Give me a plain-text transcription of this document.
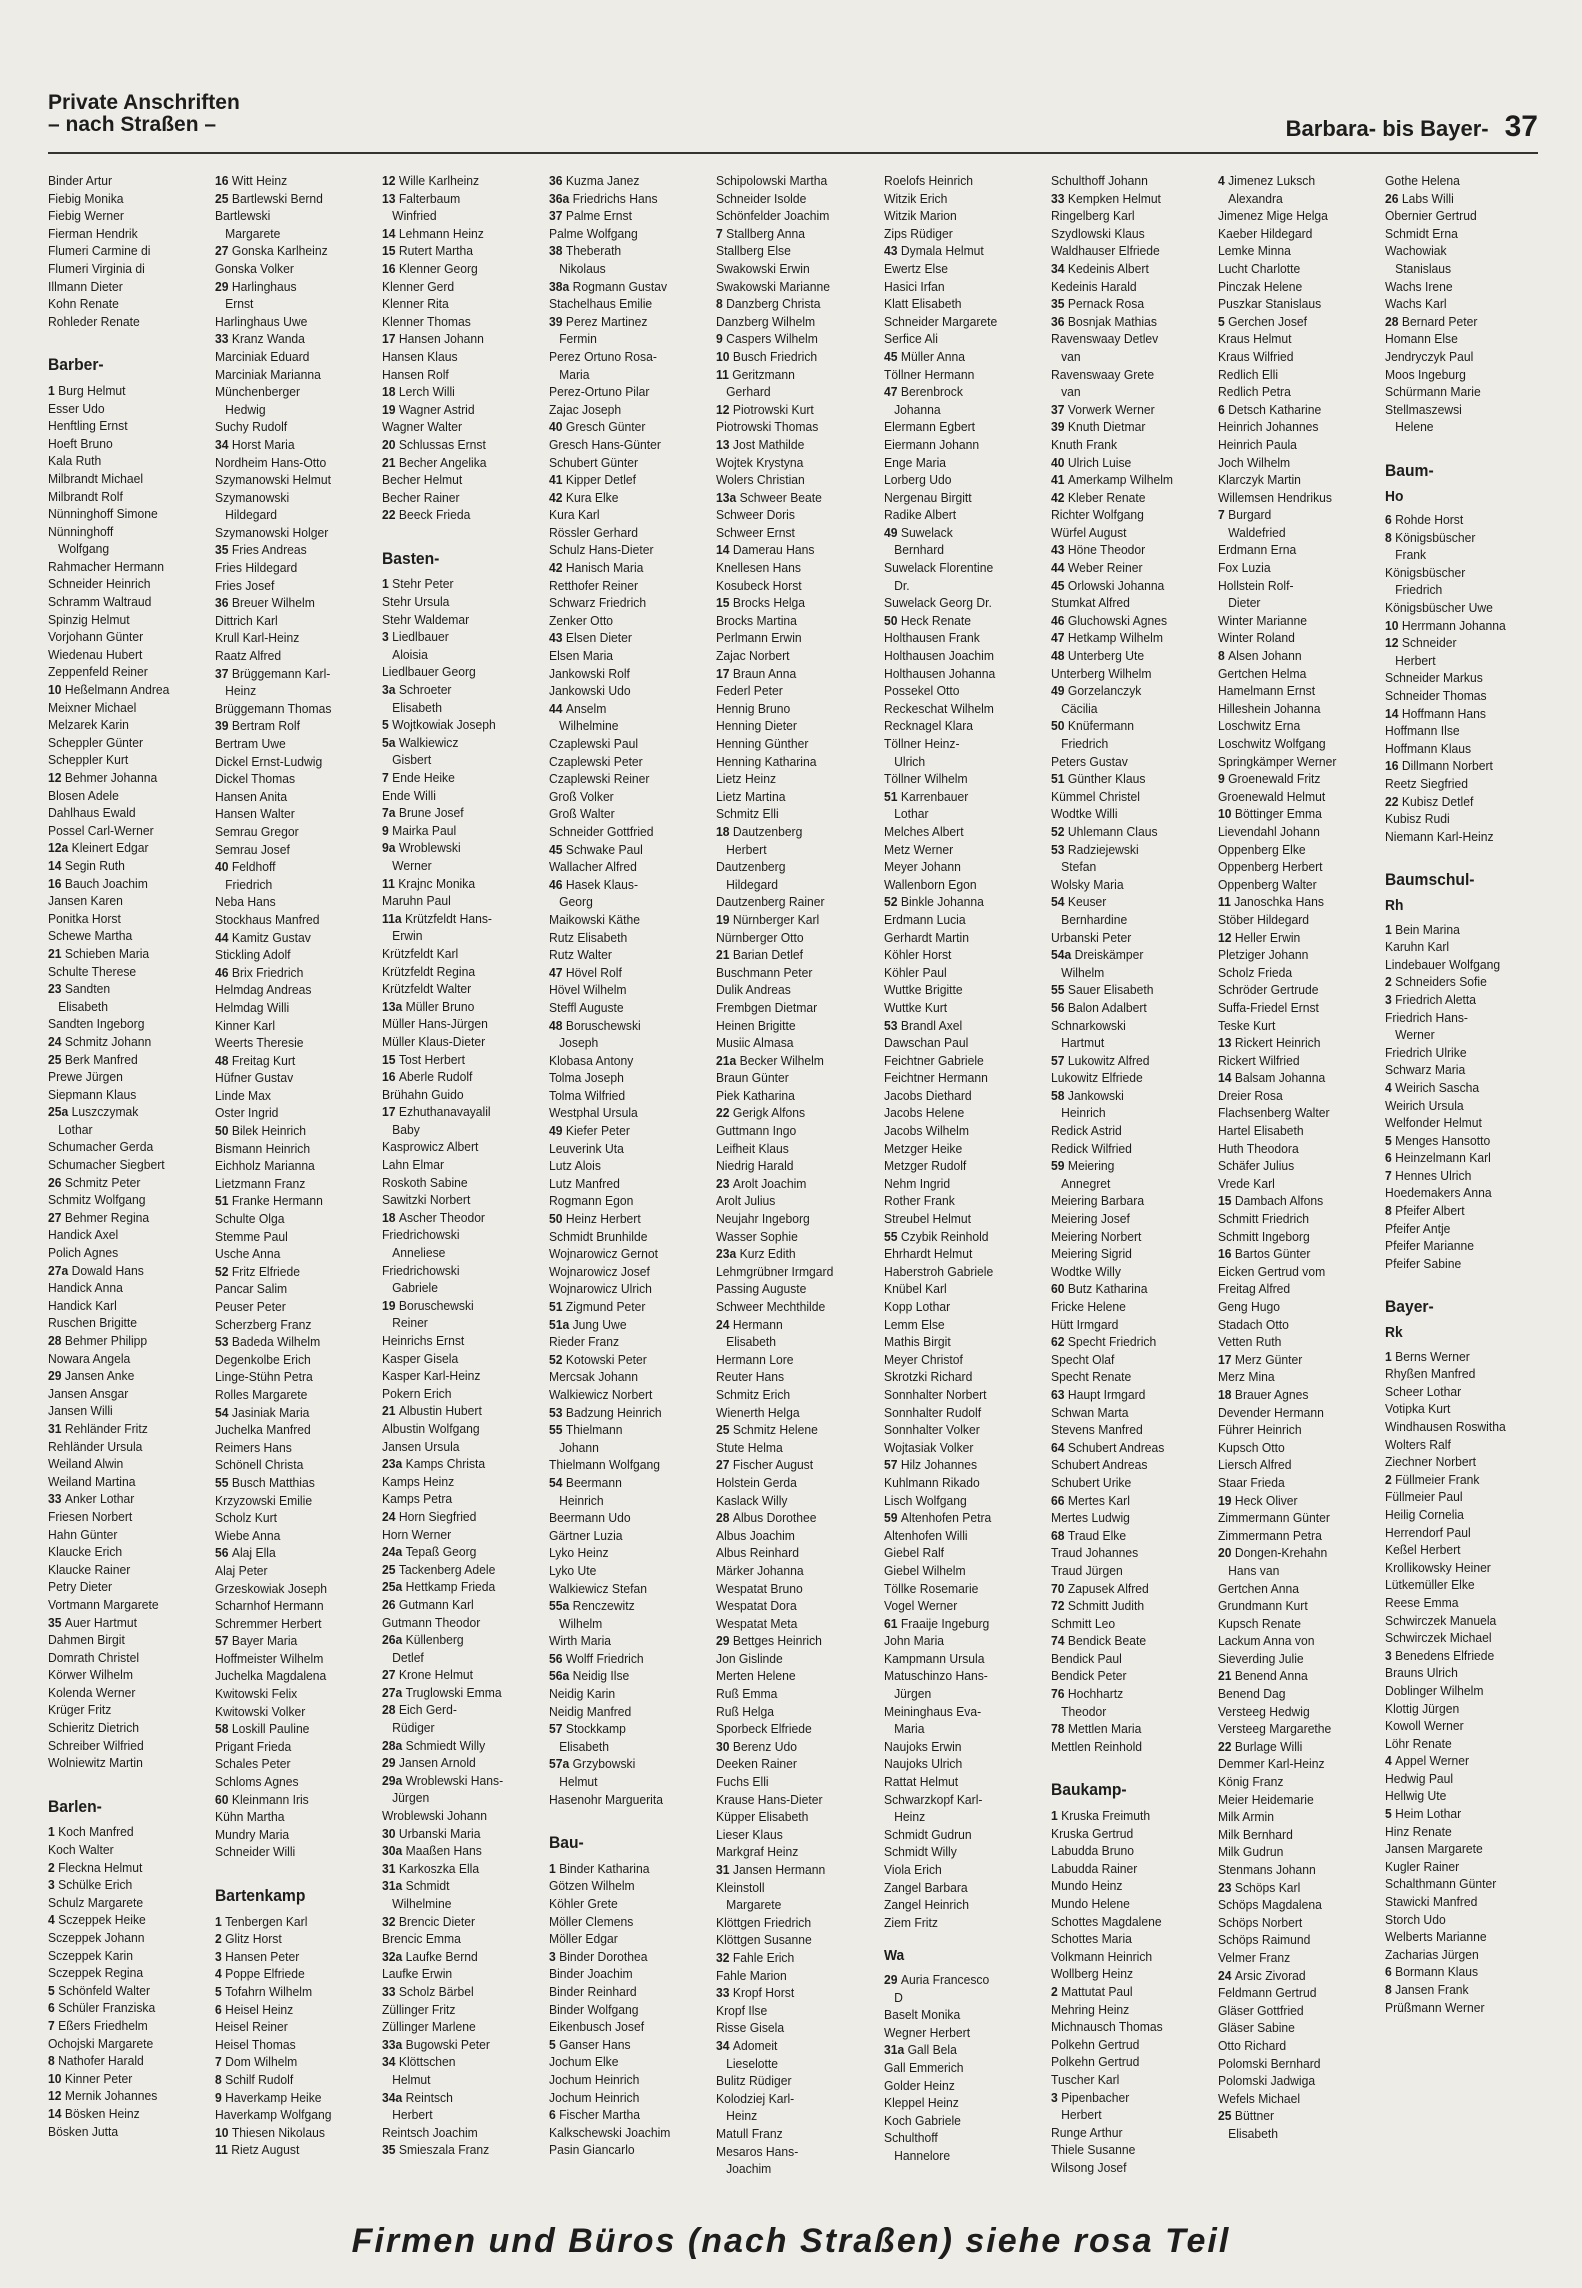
Private Anschriften
– nach Straßen –	Barbara- bis Bayer- 37
Binder Artur
Fiebig Monika
Fiebig Werner
Fierman Hendrik
Flumeri Carmine di
Flumeri Virginia di
Illmann Dieter
Kohn Renate
Rohleder Renate
Barber-
1 Burg Helmut
Esser Udo
Henftling Ernst
Hoeft Bruno
Kala Ruth
Milbrandt Michael
Milbrandt Rolf
Nünninghoff Simone
Nünninghoff
Wolfgang
Rahmacher Hermann
Schneider Heinrich
Schramm Waltraud
Spinzig Helmut
Vorjohann Günter
Wiedenau Hubert
Zeppenfeld Reiner
10 Heßelmann Andrea
Meixner Michael
Melzarek Karin
Scheppler Günter
Scheppler Kurt
12 Behmer Johanna
Blosen Adele
Dahlhaus Ewald
Possel Carl-Werner
12a Kleinert Edgar
14 Segin Ruth
16 Bauch Joachim
Jansen Karen
Ponitka Horst
Schewe Martha
21 Schieben Maria
Schulte Therese
23 Sandten
Elisabeth
Sandten Ingeborg
24 Schmitz Johann
25 Berk Manfred
Prewe Jürgen
Siepmann Klaus
25a Luszczymak
Lothar
Schumacher Gerda
Schumacher Siegbert
26 Schmitz Peter
Schmitz Wolfgang
27 Behmer Regina
Handick Axel
Polich Agnes
27a Dowald Hans
Handick Anna
Handick Karl
Ruschen Brigitte
28 Behmer Philipp
Nowara Angela
29 Jansen Anke
Jansen Ansgar
Jansen Willi
31 Rehländer Fritz
Rehländer Ursula
Weiland Alwin
Weiland Martina
33 Anker Lothar
Friesen Norbert
Hahn Günter
Klaucke Erich
Klaucke Rainer
Petry Dieter
Vortmann Margarete
35 Auer Hartmut
Dahmen Birgit
Domrath Christel
Körwer Wilhelm
Kolenda Werner
Krüger Fritz
Schieritz Dietrich
Schreiber Wilfried
Wolniewitz Martin
Barlen-
1 Koch Manfred
Koch Walter
2 Fleckna Helmut
3 Schülke Erich
Schulz Margarete
4 Sczeppek Heike
Sczeppek Johann
Sczeppek Karin
Sczeppek Regina
5 Schönfeld Walter
6 Schüler Franziska
7 Eßers Friedhelm
Ochojski Margarete
8 Nathofer Harald
10 Kinner Peter
12 Mernik Johannes
14 Bösken Heinz
Bösken Jutta
16 Witt Heinz
25 Bartlewski Bernd
Bartlewski
Margarete
27 Gonska Karlheinz
Gonska Volker
29 Harlinghaus
Ernst
Harlinghaus Uwe
33 Kranz Wanda
Marciniak Eduard
Marciniak Marianna
Münchenberger
Hedwig
Suchy Rudolf
34 Horst Maria
Nordheim Hans-Otto
Szymanowski Helmut
Szymanowski
Hildegard
Szymanowski Holger
35 Fries Andreas
Fries Hildegard
Fries Josef
36 Breuer Wilhelm
Dittrich Karl
Krull Karl-Heinz
Raatz Alfred
37 Brüggemann Karl-
Heinz
Brüggemann Thomas
39 Bertram Rolf
Bertram Uwe
Dickel Ernst-Ludwig
Dickel Thomas
Hansen Anita
Hansen Walter
Semrau Gregor
Semrau Josef
40 Feldhoff
Friedrich
Neba Hans
Stockhaus Manfred
44 Kamitz Gustav
Stickling Adolf
46 Brix Friedrich
Helmdag Andreas
Helmdag Willi
Kinner Karl
Weerts Theresie
48 Freitag Kurt
Hüfner Gustav
Linde Max
Oster Ingrid
50 Bilek Heinrich
Bismann Heinrich
Eichholz Marianna
Lietzmann Franz
51 Franke Hermann
Schulte Olga
Stemme Paul
Usche Anna
52 Fritz Elfriede
Pancar Salim
Peuser Peter
Scherzberg Franz
53 Badeda Wilhelm
Degenkolbe Erich
Linge-Stühn Petra
Rolles Margarete
54 Jasiniak Maria
Juchelka Manfred
Reimers Hans
Schönell Christa
55 Busch Matthias
Krzyzowski Emilie
Scholz Kurt
Wiebe Anna
56 Alaj Ella
Alaj Peter
Grzeskowiak Joseph
Scharnhof Hermann
Schremmer Herbert
57 Bayer Maria
Hoffmeister Wilhelm
Juchelka Magdalena
Kwitowski Felix
Kwitowski Volker
58 Loskill Pauline
Prigant Frieda
Schales Peter
Schloms Agnes
60 Kleinmann Iris
Kühn Martha
Mundry Maria
Schneider Willi
Bartenkamp
1 Tenbergen Karl
2 Glitz Horst
3 Hansen Peter
4 Poppe Elfriede
5 Tofahrn Wilhelm
6 Heisel Heinz
Heisel Reiner
Heisel Thomas
7 Dom Wilhelm
8 Schilf Rudolf
9 Haverkamp Heike
Haverkamp Wolfgang
10 Thiesen Nikolaus
11 Rietz August
12 Wille Karlheinz
13 Falterbaum
Winfried
14 Lehmann Heinz
15 Rutert Martha
16 Klenner Georg
Klenner Gerd
Klenner Rita
Klenner Thomas
17 Hansen Johann
Hansen Klaus
Hansen Rolf
18 Lerch Willi
19 Wagner Astrid
Wagner Walter
20 Schlussas Ernst
21 Becher Angelika
Becher Helmut
Becher Rainer
22 Beeck Frieda
Basten-
1 Stehr Peter
Stehr Ursula
Stehr Waldemar
3 Liedlbauer
Aloisia
Liedlbauer Georg
3a Schroeter
Elisabeth
5 Wojtkowiak Joseph
5a Walkiewicz
Gisbert
7 Ende Heike
Ende Willi
7a Brune Josef
9 Mairka Paul
9a Wroblewski
Werner
11 Krajnc Monika
Maruhn Paul
11a Krützfeldt Hans-
Erwin
Krützfeldt Karl
Krützfeldt Regina
Krützfeldt Walter
13a Müller Bruno
Müller Hans-Jürgen
Müller Klaus-Dieter
15 Tost Herbert
16 Aberle Rudolf
Brühahn Guido
17 Ezhuthanavayalil
Baby
Kasprowicz Albert
Lahn Elmar
Roskoth Sabine
Sawitzki Norbert
18 Ascher Theodor
Friedrichowski
Anneliese
Friedrichowski
Gabriele
19 Boruschewski
Reiner
Heinrichs Ernst
Kasper Gisela
Kasper Karl-Heinz
Pokern Erich
21 Albustin Hubert
Albustin Wolfgang
Jansen Ursula
23a Kamps Christa
Kamps Heinz
Kamps Petra
24 Horn Siegfried
Horn Werner
24a Tepaß Georg
25 Tackenberg Adele
25a Hettkamp Frieda
26 Gutmann Karl
Gutmann Theodor
26a Küllenberg
Detlef
27 Krone Helmut
27a Truglowski Emma
28 Eich Gerd-
Rüdiger
28a Schmiedt Willy
29 Jansen Arnold
29a Wroblewski Hans-
Jürgen
Wroblewski Johann
30 Urbanski Maria
30a Maaßen Hans
31 Karkoszka Ella
31a Schmidt
Wilhelmine
32 Brencic Dieter
Brencic Emma
32a Laufke Bernd
Laufke Erwin
33 Scholz Bärbel
Züllinger Fritz
Züllinger Marlene
33a Bugowski Peter
34 Klöttschen
Helmut
34a Reintsch
Herbert
Reintsch Joachim
35 Smieszala Franz
36 Kuzma Janez
36a Friedrichs Hans
37 Palme Ernst
Palme Wolfgang
38 Theberath
Nikolaus
38a Rogmann Gustav
Stachelhaus Emilie
39 Perez Martinez
Fermin
Perez Ortuno Rosa-
Maria
Perez-Ortuno Pilar
Zajac Joseph
40 Gresch Günter
Gresch Hans-Günter
Schubert Günter
41 Kipper Detlef
42 Kura Elke
Kura Karl
Rössler Gerhard
Schulz Hans-Dieter
42 Hanisch Maria
Retthofer Reiner
Schwarz Friedrich
Zenker Otto
43 Elsen Dieter
Elsen Maria
Jankowski Rolf
Jankowski Udo
44 Anselm
Wilhelmine
Czaplewski Paul
Czaplewski Peter
Czaplewski Reiner
Groß Volker
Groß Walter
Schneider Gottfried
45 Schwake Paul
Wallacher Alfred
46 Hasek Klaus-
Georg
Maikowski Käthe
Rutz Elisabeth
Rutz Walter
47 Hövel Rolf
Hövel Wilhelm
Steffl Auguste
48 Boruschewski
Joseph
Klobasa Antony
Tolma Joseph
Tolma Wilfried
Westphal Ursula
49 Kiefer Peter
Leuverink Uta
Lutz Alois
Lutz Manfred
Rogmann Egon
50 Heinz Herbert
Schmidt Brunhilde
Wojnarowicz Gernot
Wojnarowicz Josef
Wojnarowicz Ulrich
51 Zigmund Peter
51a Jung Uwe
Rieder Franz
52 Kotowski Peter
Mercsak Johann
Walkiewicz Norbert
53 Badzung Heinrich
55 Thielmann
Johann
Thielmann Wolfgang
54 Beermann
Heinrich
Beermann Udo
Gärtner Luzia
Lyko Heinz
Lyko Ute
Walkiewicz Stefan
55a Renczewitz
Wilhelm
Wirth Maria
56 Wolff Friedrich
56a Neidig Ilse
Neidig Karin
Neidig Manfred
57 Stockkamp
Elisabeth
57a Grzybowski
Helmut
Hasenohr Marguerita
Bau-
1 Binder Katharina
Götzen Wilhelm
Köhler Grete
Möller Clemens
Möller Edgar
3 Binder Dorothea
Binder Joachim
Binder Reinhard
Binder Wolfgang
Eikenbusch Josef
5 Ganser Hans
Jochum Elke
Jochum Heinrich
Jochum Heinrich
6 Fischer Martha
Kalkschewski Joachim
Pasin Giancarlo
Schipolowski Martha
Schneider Isolde
Schönfelder Joachim
7 Stallberg Anna
Stallberg Else
Swakowski Erwin
Swakowski Marianne
8 Danzberg Christa
Danzberg Wilhelm
9 Caspers Wilhelm
10 Busch Friedrich
11 Geritzmann
Gerhard
12 Piotrowski Kurt
Piotrowski Thomas
13 Jost Mathilde
Wojtek Krystyna
Wolers Christian
13a Schweer Beate
Schweer Doris
Schweer Ernst
14 Damerau Hans
Knellesen Hans
Kosubeck Horst
15 Brocks Helga
Brocks Martina
Perlmann Erwin
Zajac Norbert
17 Braun Anna
Federl Peter
Hennig Bruno
Henning Dieter
Henning Günther
Henning Katharina
Lietz Heinz
Lietz Martina
Schmitz Elli
18 Dautzenberg
Herbert
Dautzenberg
Hildegard
Dautzenberg Rainer
19 Nürnberger Karl
Nürnberger Otto
21 Barian Detlef
Buschmann Peter
Dulik Andreas
Frembgen Dietmar
Heinen Brigitte
Musiic Almasa
21a Becker Wilhelm
Braun Günter
Piek Katharina
22 Gerigk Alfons
Guttmann Ingo
Leifheit Klaus
Niedrig Harald
23 Arolt Joachim
Arolt Julius
Neujahr Ingeborg
Wasser Sophie
23a Kurz Edith
Lehmgrübner Irmgard
Passing Auguste
Schweer Mechthilde
24 Hermann
Elisabeth
Hermann Lore
Reuter Hans
Schmitz Erich
Wienerth Helga
25 Schmitz Helene
Stute Helma
27 Fischer August
Holstein Gerda
Kaslack Willy
28 Albus Dorothee
Albus Joachim
Albus Reinhard
Märker Johanna
Wespatat Bruno
Wespatat Dora
Wespatat Meta
29 Bettges Heinrich
Jon Gislinde
Merten Helene
Ruß Emma
Ruß Helga
Sporbeck Elfriede
30 Berenz Udo
Deeken Rainer
Fuchs Elli
Krause Hans-Dieter
Küpper Elisabeth
Lieser Klaus
Markgraf Heinz
31 Jansen Hermann
Kleinstoll
Margarete
Klöttgen Friedrich
Klöttgen Susanne
32 Fahle Erich
Fahle Marion
33 Kropf Horst
Kropf Ilse
Risse Gisela
34 Adomeit
Lieselotte
Bulitz Rüdiger
Kolodziej Karl-
Heinz
Matull Franz
Mesaros Hans-
Joachim
Roelofs Heinrich
Witzik Erich
Witzik Marion
Zips Rüdiger
43 Dymala Helmut
Ewertz Else
Hasici Irfan
Klatt Elisabeth
Schneider Margarete
Serfice Ali
45 Müller Anna
Töllner Hermann
47 Berenbrock
Johanna
Elermann Egbert
Eiermann Johann
Enge Maria
Lorberg Udo
Nergenau Birgitt
Radike Albert
49 Suwelack
Bernhard
Suwelack Florentine
Dr.
Suwelack Georg Dr.
50 Heck Renate
Holthausen Frank
Holthausen Joachim
Holthausen Johanna
Possekel Otto
Reckeschat Wilhelm
Recknagel Klara
Töllner Heinz-
Ulrich
Töllner Wilhelm
51 Karrenbauer
Lothar
Melches Albert
Metz Werner
Meyer Johann
Wallenborn Egon
52 Binkle Johanna
Erdmann Lucia
Gerhardt Martin
Köhler Horst
Köhler Paul
Wuttke Brigitte
Wuttke Kurt
53 Brandl Axel
Dawschan Paul
Feichtner Gabriele
Feichtner Hermann
Jacobs Diethard
Jacobs Helene
Jacobs Wilhelm
Metzger Heike
Metzger Rudolf
Nehm Ingrid
Rother Frank
Streubel Helmut
55 Czybik Reinhold
Ehrhardt Helmut
Haberstroh Gabriele
Knübel Karl
Kopp Lothar
Lemm Else
Mathis Birgit
Meyer Christof
Skrotzki Richard
Sonnhalter Norbert
Sonnhalter Rudolf
Sonnhalter Volker
Wojtasiak Volker
57 Hilz Johannes
Kuhlmann Rikado
Lisch Wolfgang
59 Altenhofen Petra
Altenhofen Willi
Giebel Ralf
Giebel Wilhelm
Töllke Rosemarie
Vogel Werner
61 Fraaije Ingeburg
John Maria
Kampmann Ursula
Matuschinzo Hans-
Jürgen
Meininghaus Eva-
Maria
Naujoks Erwin
Naujoks Ulrich
Rattat Helmut
Schwarzkopf Karl-
Heinz
Schmidt Gudrun
Schmidt Willy
Viola Erich
Zangel Barbara
Zangel Heinrich
Ziem Fritz
Wa
29 Auria Francesco
D
Baselt Monika
Wegner Herbert
31a Gall Bela
Gall Emmerich
Golder Heinz
Kleppel Heinz
Koch Gabriele
Schulthoff
Hannelore
Schulthoff Johann
33 Kempken Helmut
Ringelberg Karl
Szydlowski Klaus
Waldhauser Elfriede
34 Kedeinis Albert
Kedeinis Harald
35 Pernack Rosa
36 Bosnjak Mathias
Ravenswaay Detlev
van
Ravenswaay Grete
van
37 Vorwerk Werner
39 Knuth Dietmar
Knuth Frank
40 Ulrich Luise
41 Amerkamp Wilhelm
42 Kleber Renate
Richter Wolfgang
Würfel August
43 Höne Theodor
44 Weber Reiner
45 Orlowski Johanna
Stumkat Alfred
46 Gluchowski Agnes
47 Hetkamp Wilhelm
48 Unterberg Ute
Unterberg Wilhelm
49 Gorzelanczyk
Cäcilia
50 Knüfermann
Friedrich
Peters Gustav
51 Günther Klaus
Kümmel Christel
Wodtke Willi
52 Uhlemann Claus
53 Radziejewski
Stefan
Wolsky Maria
54 Keuser
Bernhardine
Urbanski Peter
54a Dreiskämper
Wilhelm
55 Sauer Elisabeth
56 Balon Adalbert
Schnarkowski
Hartmut
57 Lukowitz Alfred
Lukowitz Elfriede
58 Jankowski
Heinrich
Redick Astrid
Redick Wilfried
59 Meiering
Annegret
Meiering Barbara
Meiering Josef
Meiering Norbert
Meiering Sigrid
Wodtke Willy
60 Butz Katharina
Fricke Helene
Hütt Irmgard
62 Specht Friedrich
Specht Olaf
Specht Renate
63 Haupt Irmgard
Schwan Marta
Stevens Manfred
64 Schubert Andreas
Schubert Andreas
Schubert Urike
66 Mertes Karl
Mertes Ludwig
68 Traud Elke
Traud Johannes
Traud Jürgen
70 Zapusek Alfred
72 Schmitt Judith
Schmitt Leo
74 Bendick Beate
Bendick Paul
Bendick Peter
76 Hochhartz
Theodor
78 Mettlen Maria
Mettlen Reinhold
Baukamp-
1 Kruska Freimuth
Kruska Gertrud
Labudda Bruno
Labudda Rainer
Mundo Heinz
Mundo Helene
Schottes Magdalene
Schottes Maria
Volkmann Heinrich
Wollberg Heinz
2 Mattutat Paul
Mehring Heinz
Michnausch Thomas
Polkehn Gertrud
Polkehn Gertrud
Tuscher Karl
3 Pipenbacher
Herbert
Runge Arthur
Thiele Susanne
Wilsong Josef
4 Jimenez Luksch
Alexandra
Jimenez Mige Helga
Kaeber Hildegard
Lemke Minna
Lucht Charlotte
Pinczak Helene
Puszkar Stanislaus
5 Gerchen Josef
Kraus Helmut
Kraus Wilfried
Redlich Elli
Redlich Petra
6 Detsch Katharine
Heinrich Johannes
Heinrich Paula
Joch Wilhelm
Klarczyk Martin
Willemsen Hendrikus
7 Burgard
Waldefried
Erdmann Erna
Fox Luzia
Hollstein Rolf-
Dieter
Winter Marianne
Winter Roland
8 Alsen Johann
Gertchen Helma
Hamelmann Ernst
Hilleshein Johanna
Loschwitz Erna
Loschwitz Wolfgang
Springkämper Werner
9 Groenewald Fritz
Groenewald Helmut
10 Böttinger Emma
Lievendahl Johann
Oppenberg Elke
Oppenberg Herbert
Oppenberg Walter
11 Janoschka Hans
Stöber Hildegard
12 Heller Erwin
Pletziger Johann
Scholz Frieda
Schröder Gertrude
Suffa-Friedel Ernst
Teske Kurt
13 Rickert Heinrich
Rickert Wilfried
14 Balsam Johanna
Dreier Rosa
Flachsenberg Walter
Hartel Elisabeth
Huth Theodora
Schäfer Julius
Vrede Karl
15 Dambach Alfons
Schmitt Friedrich
Schmitt Ingeborg
16 Bartos Günter
Eicken Gertrud vom
Freitag Alfred
Geng Hugo
Stadach Otto
Vetten Ruth
17 Merz Günter
Merz Mina
18 Brauer Agnes
Devender Hermann
Führer Heinrich
Kupsch Otto
Liersch Alfred
Staar Frieda
19 Heck Oliver
Zimmermann Günter
Zimmermann Petra
20 Dongen-Krehahn
Hans van
Gertchen Anna
Grundmann Kurt
Kupsch Renate
Lackum Anna von
Sieverding Julie
21 Benend Anna
Benend Dag
Versteeg Hedwig
Versteeg Margarethe
22 Burlage Willi
Demmer Karl-Heinz
König Franz
Meier Heidemarie
Milk Armin
Milk Bernhard
Milk Gudrun
Stenmans Johann
23 Schöps Karl
Schöps Magdalena
Schöps Norbert
Schöps Raimund
Velmer Franz
24 Arsic Zivorad
Feldmann Gertrud
Gläser Gottfried
Gläser Sabine
Otto Richard
Polomski Bernhard
Polomski Jadwiga
Wefels Michael
25 Büttner
Elisabeth
Gothe Helena
26 Labs Willi
Obernier Gertrud
Schmidt Erna
Wachowiak
Stanislaus
Wachs Irene
Wachs Karl
28 Bernard Peter
Homann Else
Jendryczyk Paul
Moos Ingeburg
Schürmann Marie
Stellmaszewsi
Helene
Baum-
Ho
6 Rohde Horst
8 Königsbüscher
Frank
Königsbüscher
Friedrich
Königsbüscher Uwe
10 Herrmann Johanna
12 Schneider
Herbert
Schneider Markus
Schneider Thomas
14 Hoffmann Hans
Hoffmann Ilse
Hoffmann Klaus
16 Dillmann Norbert
Reetz Siegfried
22 Kubisz Detlef
Kubisz Rudi
Niemann Karl-Heinz
Baumschul-
Rh
1 Bein Marina
Karuhn Karl
Lindebauer Wolfgang
2 Schneiders Sofie
3 Friedrich Aletta
Friedrich Hans-
Werner
Friedrich Ulrike
Schwarz Maria
4 Weirich Sascha
Weirich Ursula
Welfonder Helmut
5 Menges Hansotto
6 Heinzelmann Karl
7 Hennes Ulrich
Hoedemakers Anna
8 Pfeifer Albert
Pfeifer Antje
Pfeifer Marianne
Pfeifer Sabine
Bayer-
Rk
1 Berns Werner
Rhyßen Manfred
Scheer Lothar
Votipka Kurt
Windhausen Roswitha
Wolters Ralf
Ziechner Norbert
2 Füllmeier Frank
Füllmeier Paul
Heilig Cornelia
Herrendorf Paul
Keßel Herbert
Krollikowsky Heiner
Lütkemüller Elke
Reese Emma
Schwirczek Manuela
Schwirczek Michael
3 Benedens Elfriede
Brauns Ulrich
Doblinger Wilhelm
Klottig Jürgen
Kowoll Werner
Löhr Renate
4 Appel Werner
Hedwig Paul
Hellwig Ute
5 Heim Lothar
Hinz Renate
Jansen Margarete
Kugler Rainer
Schalthmann Günter
Stawicki Manfred
Storch Udo
Welberts Marianne
Zacharias Jürgen
6 Bormann Klaus
8 Jansen Frank
Prüßmann Werner
Firmen und Büros (nach Straßen) siehe rosa Teil
